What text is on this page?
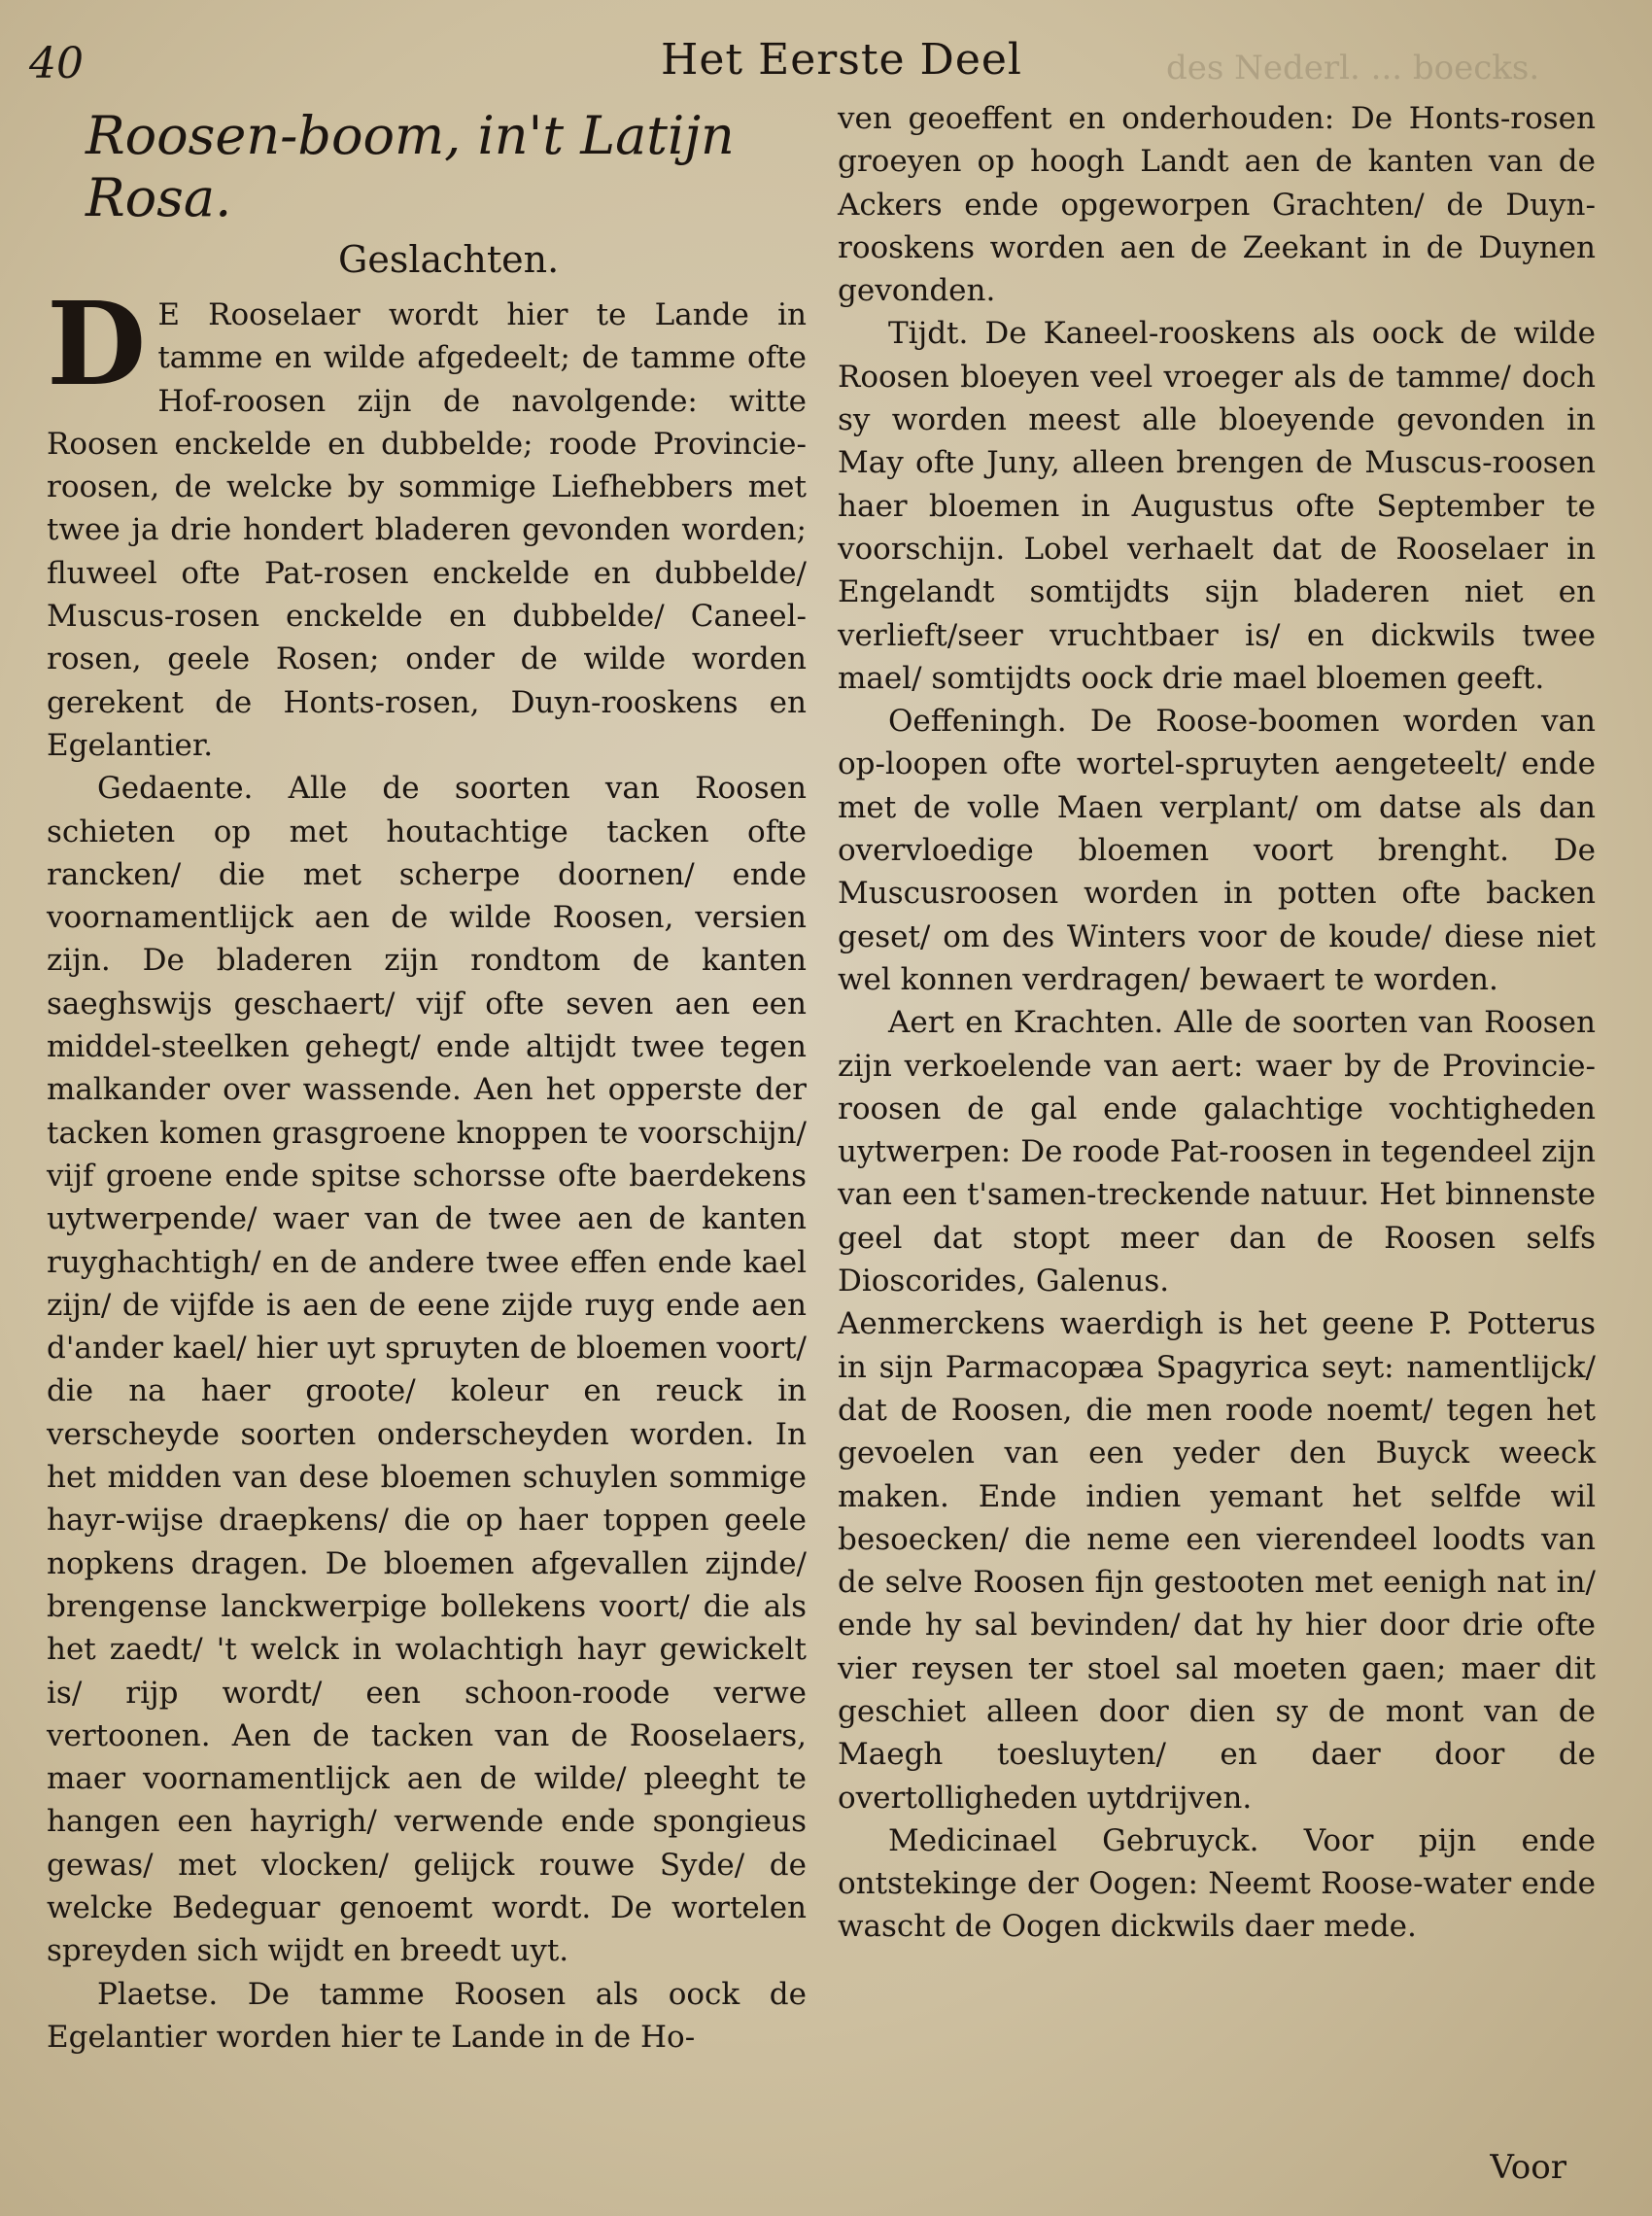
40	Het Eerste Deel	des Nederl. ... boecks.
Roosen-boom, in't Latijn Rosa.
Geslachten.

D E Rooselaer wordt hier te Lande in tamme en wilde afgedeelt; de tamme ofte Hof-roosen zijn de navolgende: witte Roosen enckelde en dubbelde; roode Provincie-roosen, de welcke by sommige Liefhebbers met twee ja drie hondert bladeren gevonden worden; fluweel ofte Pat-rosen enckelde en dubbelde/ Muscus-rosen enckelde en dubbelde/ Caneel-rosen, geele Rosen; onder de wilde worden gerekent de Honts-rosen, Duyn-rooskens en Egelantier.

Gedaente. Alle de soorten van Roosen schieten op met houtachtige tacken ofte rancken/ die met scherpe doornen/ ende voornamentlijck aen de wilde Roosen, versien zijn. De bladeren zijn rondtom de kanten saeghswijs geschaert/ vijf ofte seven aen een middel-steelken gehegt/ ende altijdt twee tegen malkander over wassende. Aen het opperste der tacken komen grasgroene knoppen te voorschijn/ vijf groene ende spitse schorsse ofte baerdekens uytwerpende/ waer van de twee aen de kanten ruyghachtigh/ en de andere twee effen ende kael zijn/ de vijfde is aen de eene zijde ruyg ende aen d'ander kael/ hier uyt spruyten de bloemen voort/ die na haer groote/ koleur en reuck in verscheyde soorten onderscheyden worden. In het midden van dese bloemen schuylen sommige hayr-wijse draepkens/ die op haer toppen geele nopkens dragen. De bloemen afgevallen zijnde/ brengense lanckwerpige bollekens voort/ die als het zaedt/ 't welck in wolachtigh hayr gewickelt is/ rijp wordt/ een schoon-roode verwe vertoonen. Aen de tacken van de Rooselaers, maer voornamentlijck aen de wilde/ pleeght te hangen een hayrigh/ verwende ende spongieus gewas/ met vlocken/ gelijck rouwe Syde/ de welcke Bedeguar genoemt wordt. De wortelen spreyden sich wijdt en breedt uyt.

Plaetse. De tamme Roosen als oock de Egelantier worden hier te Lande in de Ho-

ven geoeffent en onderhouden: De Honts-rosen groeyen op hoogh Landt aen de kanten van de Ackers ende opgeworpen Grachten/ de Duyn-rooskens worden aen de Zeekant in de Duynen gevonden.

Tijdt. De Kaneel-rooskens als oock de wilde Roosen bloeyen veel vroeger als de tamme/ doch sy worden meest alle bloeyende gevonden in May ofte Juny, alleen brengen de Muscus-roosen haer bloemen in Augustus ofte September te voorschijn. Lobel verhaelt dat de Rooselaer in Engelandt somtijdts sijn bladeren niet en verlieft/seer vruchtbaer is/ en dickwils twee mael/ somtijdts oock drie mael bloemen geeft.

Oeffeningh. De Roose-boomen worden van op-loopen ofte wortel-spruyten aengeteelt/ ende met de volle Maen verplant/ om datse als dan overvloedige bloemen voort brenght. De Muscusroosen worden in potten ofte backen geset/ om des Winters voor de koude/ diese niet wel konnen verdragen/ bewaert te worden.

Aert en Krachten. Alle de soorten van Roosen zijn verkoelende van aert: waer by de Provincie-roosen de gal ende galachtige vochtigheden uytwerpen: De roode Pat-roosen in tegendeel zijn van een t'samen-treckende natuur. Het binnenste geel dat stopt meer dan de Roosen selfs Dioscorides, Galenus.

Aenmerckens waerdigh is het geene P. Potterus in sijn Parmacopæa Spagyrica seyt: namentlijck/ dat de Roosen, die men roode noemt/ tegen het gevoelen van een yeder den Buyck weeck maken. Ende indien yemant het selfde wil besoecken/ die neme een vierendeel loodts van de selve Roosen fijn gestooten met eenigh nat in/ ende hy sal bevinden/ dat hy hier door drie ofte vier reysen ter stoel sal moeten gaen; maer dit geschiet alleen door dien sy de mont van de Maegh toesluyten/ en daer door de overtolligheden uytdrijven.

Medicinael Gebruyck. Voor pijn ende ontstekinge der Oogen: Neemt Roose-water ende wascht de Oogen dickwils daer mede.

Voor
